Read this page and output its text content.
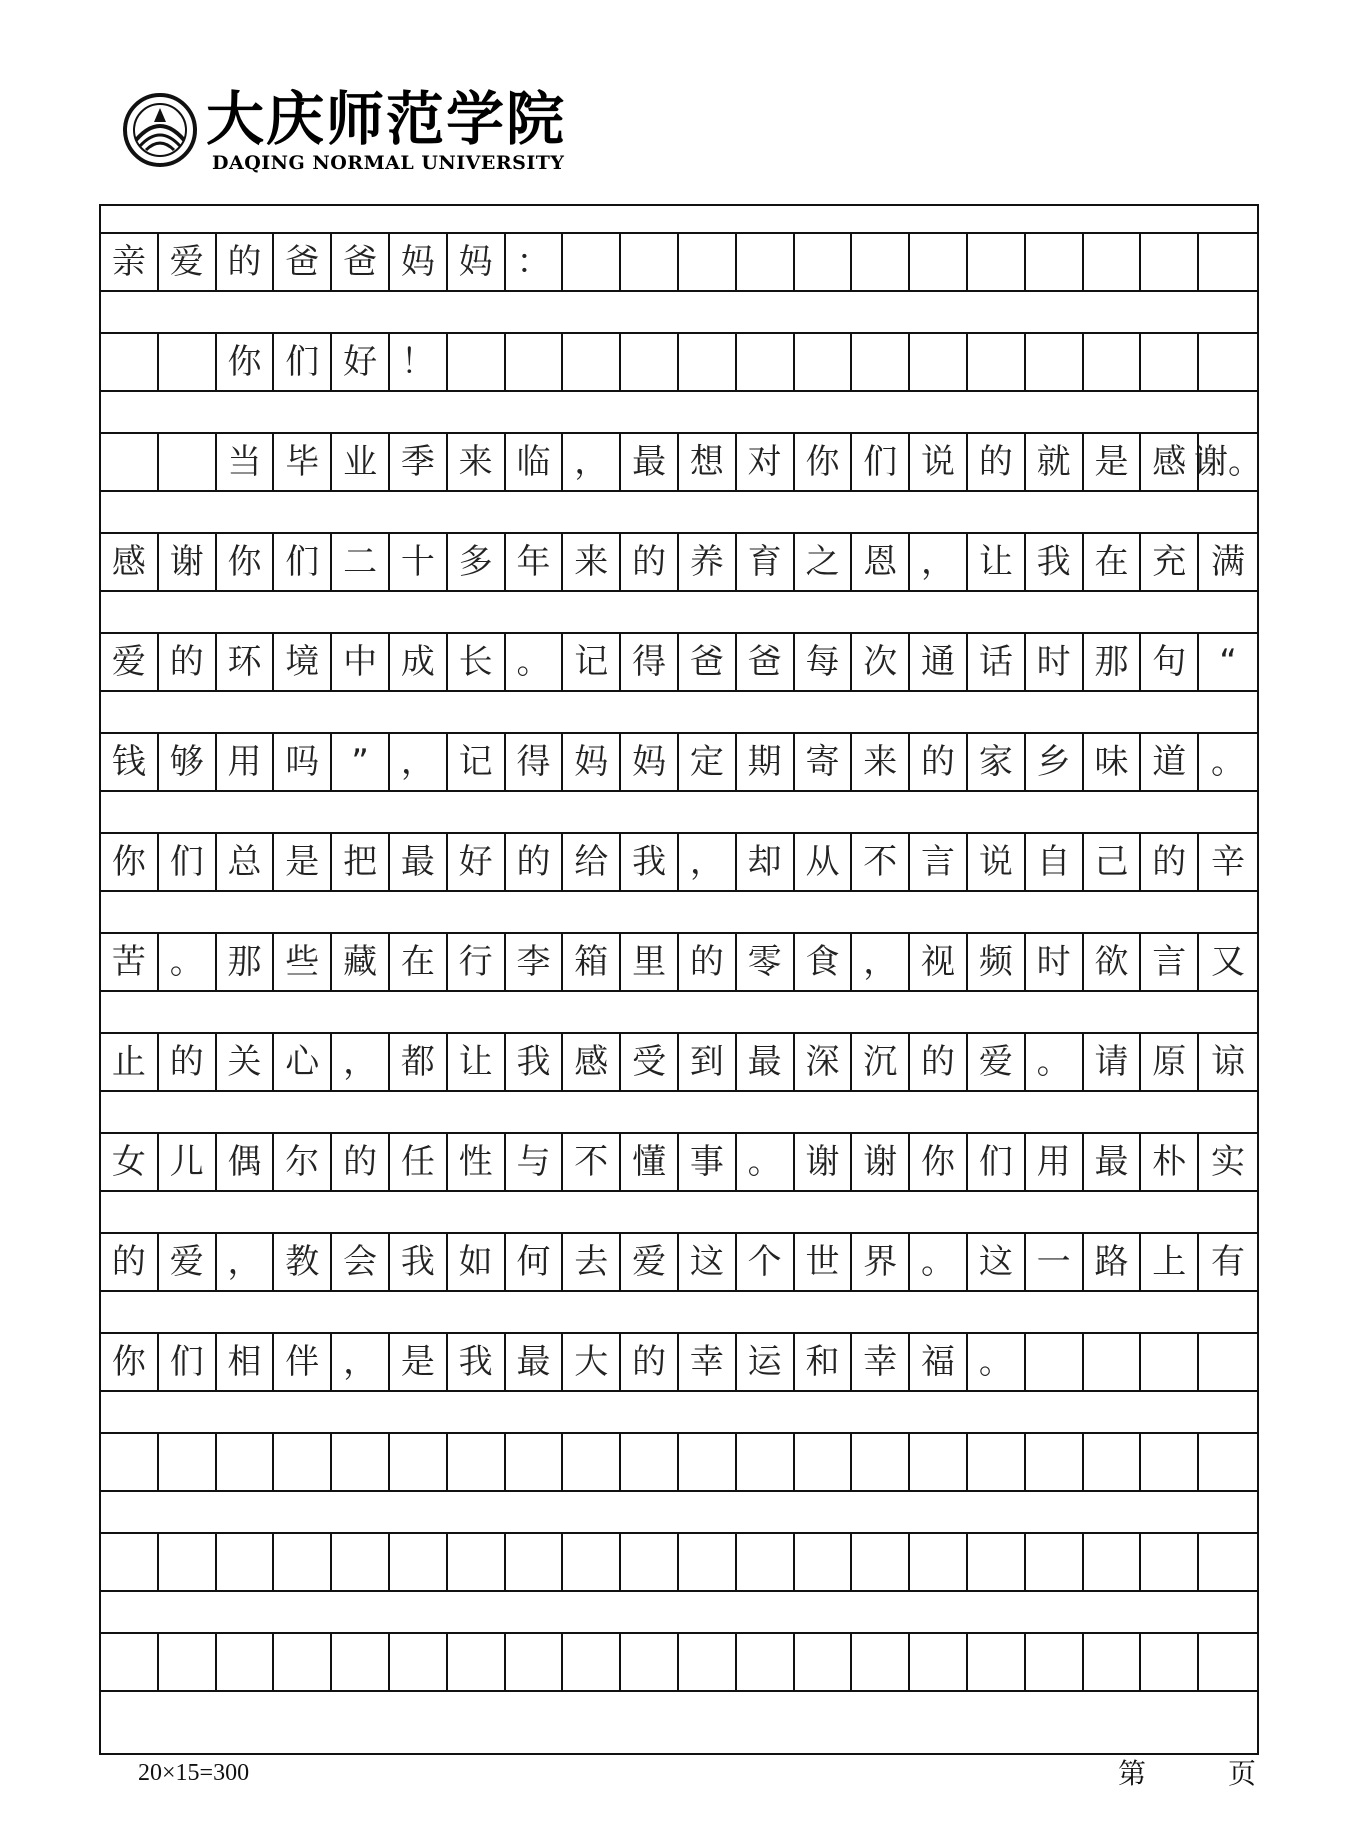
大庆师范学院
DAQING NORMAL UNIVERSITY
亲 爱 的 爸 爸 妈 妈 ：
你 们 好 ！
当 毕 业 季 来 临 ， 最 想 对 你 们 说 的 就 是 感 谢。
感 谢 你 们 二 十 多 年 来 的 养 育 之 恩 ， 让 我 在 充 满
爱 的 环 境 中 成 长 。 记 得 爸 爸 每 次 通 话 时 那 句 “
钱 够 用 吗 ” ， 记 得 妈 妈 定 期 寄 来 的 家 乡 味 道 。
你 们 总 是 把 最 好 的 给 我 ， 却 从 不 言 说 自 己 的 辛
苦 。 那 些 藏 在 行 李 箱 里 的 零 食 ， 视 频 时 欲 言 又
止 的 关 心 ， 都 让 我 感 受 到 最 深 沉 的 爱 。 请 原 谅
女 儿 偶 尔 的 任 性 与 不 懂 事 。 谢 谢 你 们 用 最 朴 实
的 爱 ， 教 会 我 如 何 去 爱 这 个 世 界 。 这 一 路 上 有
你 们 相 伴 ， 是 我 最 大 的 幸 运 和 幸 福 。
20×15=300	第	页
